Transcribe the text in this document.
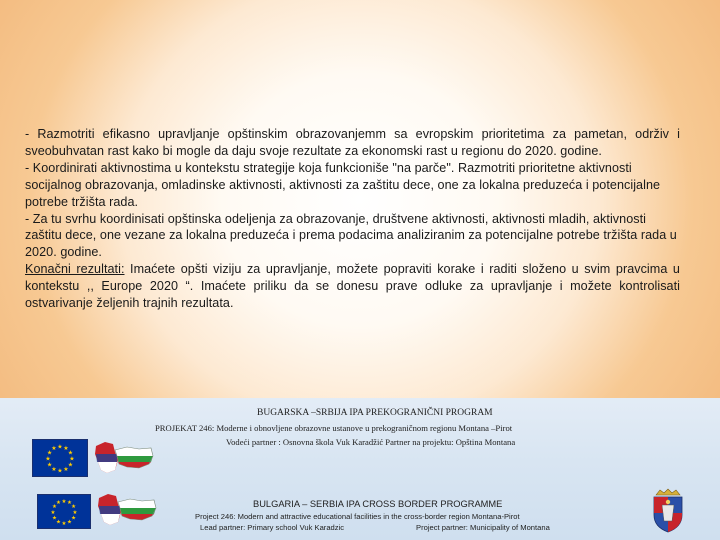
- Razmotriti efikasno upravljanje opštinskim obrazovanjemm sa evropskim prioritetima za pametan, održiv i sveobuhvatan rast kako bi mogle da daju svoje rezultate za ekonomski rast u regionu do 2020. godine.

- Koordinirati aktivnostima u kontekstu strategije koja funkcioniše "na parče". Razmotriti prioritetne aktivnosti socijalnog obrazovanja, omladinske aktivnosti, aktivnosti za zaštitu dece, one za lokalna preduzeća i potencijalne potrebe tržišta rada.

- Za tu svrhu koordinisati opštinska odeljenja za obrazovanje, društvene aktivnosti, aktivnosti mladih, aktivnosti zaštitu dece, one vezane za lokalna preduzeća i prema podacima analiziranim za potencijalne potrebe tržišta rada u 2020. godine.

Konačni rezultati: Imaćete opšti viziju za upravljanje, možete popraviti korake i raditi složeno u svim pravcima u kontekstu ,, Europe 2020 “. Imaćete priliku da se donesu prave odluke za upravljanje i možete kontrolisati ostvarivanje željenih trajnih rezultata.

BUGARSKA –SRBIJA IPA PREKOGRANIČNI PROGRAM
PROJEKAT 246: Moderne i obnovljene obrazovne ustanove u prekograničnom regionu Montana –Pirot
Vodeći partner : Osnovna škola Vuk Karadžić Partner na projektu: Opština Montana
★ ★
★
★
★
★
★
★
★
★
★
★
BULGARIA – SERBIA IPA CROSS BORDER PROGRAMME
Project 246: Modern and attractive educational facilities in the cross-border region Montana-Pirot
Lead partner: Primary school Vuk Karadzic	Project partner: Municipality of Montana
★ ★
★
★
★
★
★
★
★
★
★
★
